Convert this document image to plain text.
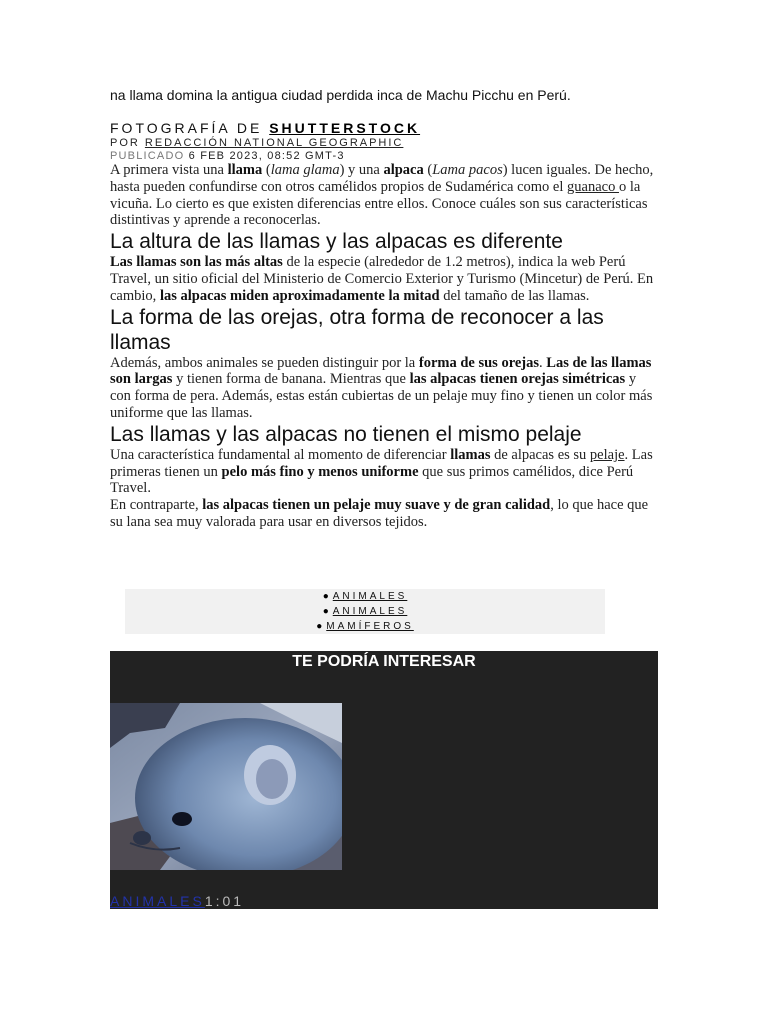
na llama domina la antigua ciudad perdida inca de Machu Picchu en Perú.
FOTOGRAFÍA DE SHUTTERSTOCK
POR REDACCIÓN NATIONAL GEOGRAPHIC
PUBLICADO 6 FEB 2023, 08:52 GMT-3

A primera vista una llama (lama glama) y una alpaca (Lama pacos) lucen iguales. De hecho, hasta pueden confundirse con otros camélidos propios de Sudamérica como el guanaco o la vicuña. Lo cierto es que existen diferencias entre ellos. Conoce cuáles son sus características distintivas y aprende a reconocerlas.

La altura de las llamas y las alpacas es diferente

Las llamas son las más altas de la especie (alrededor de 1.2 metros), indica la web Perú Travel, un sitio oficial del Ministerio de Comercio Exterior y Turismo (Mincetur) de Perú. En cambio, las alpacas miden aproximadamente la mitad del tamaño de las llamas.

La forma de las orejas, otra forma de reconocer a las llamas

Además, ambos animales se pueden distinguir por la forma de sus orejas. Las de las llamas son largas y tienen forma de banana. Mientras que las alpacas tienen orejas simétricas y con forma de pera. Además, estas están cubiertas de un pelaje muy fino y tienen un color más uniforme que las llamas.

Las llamas y las alpacas no tienen el mismo pelaje

Una característica fundamental al momento de diferenciar llamas de alpacas es su pelaje. Las primeras tienen un pelo más fino y menos uniforme que sus primos camélidos, dice Perú Travel.

En contraparte, las alpacas tienen un pelaje muy suave y de gran calidad, lo que hace que su lana sea muy valorada para usar en diversos tejidos.

● ANIMALES
● ANIMALES
● MAMÍFEROS
TE PODRÍA INTERESAR
ANIMALES1:01
